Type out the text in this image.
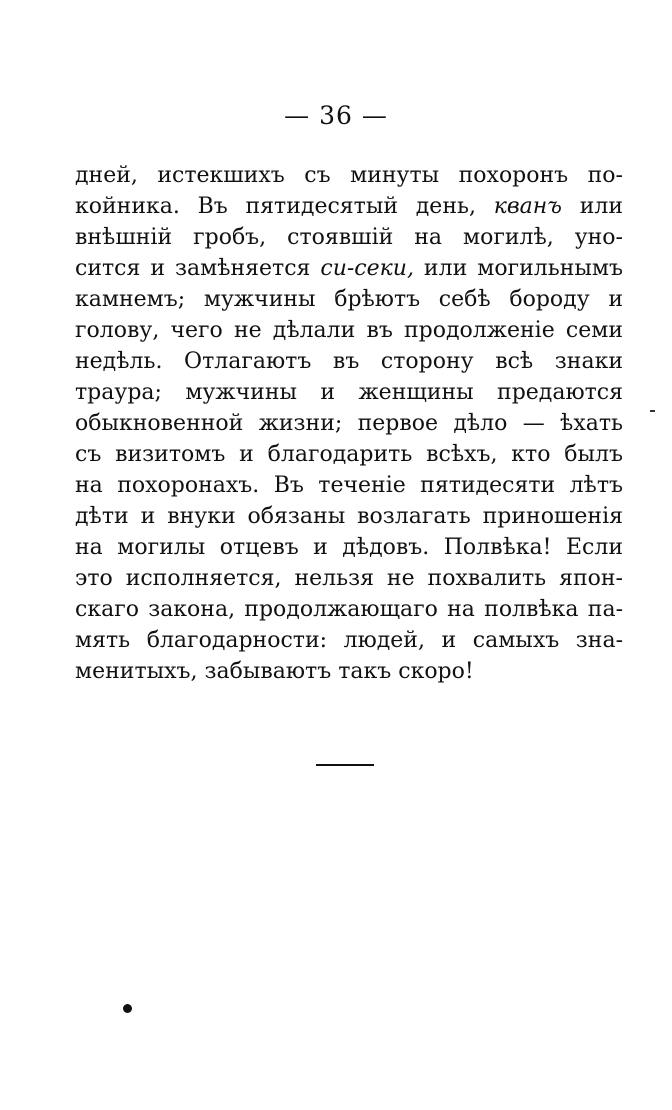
— 36 —
дней, истекшихъ съ минуты похоронъ по-
койника. Въ пятидесятый день, кванъ или
внѣшній гробъ, стоявшій на могилѣ, уно-
сится и замѣняется си-секи, или могильнымъ
камнемъ; мужчины брѣютъ себѣ бороду и
голову, чего не дѣлали въ продолженіе семи
недѣль. Отлагаютъ въ сторону всѣ знаки
траура; мужчины и женщины предаются
обыкновенной жизни; первое дѣло — ѣхать
съ визитомъ и благодарить всѣхъ, кто былъ
на похоронахъ. Въ теченіе пятидесяти лѣтъ
дѣти и внуки обязаны возлагать приношенія
на могилы отцевъ и дѣдовъ. Полвѣка! Если
это исполняется, нельзя не похвалить япон-
скаго закона, продолжающаго на полвѣка па-
мять благодарности: людей, и самыхъ зна-
менитыхъ, забываютъ такъ скоро!
